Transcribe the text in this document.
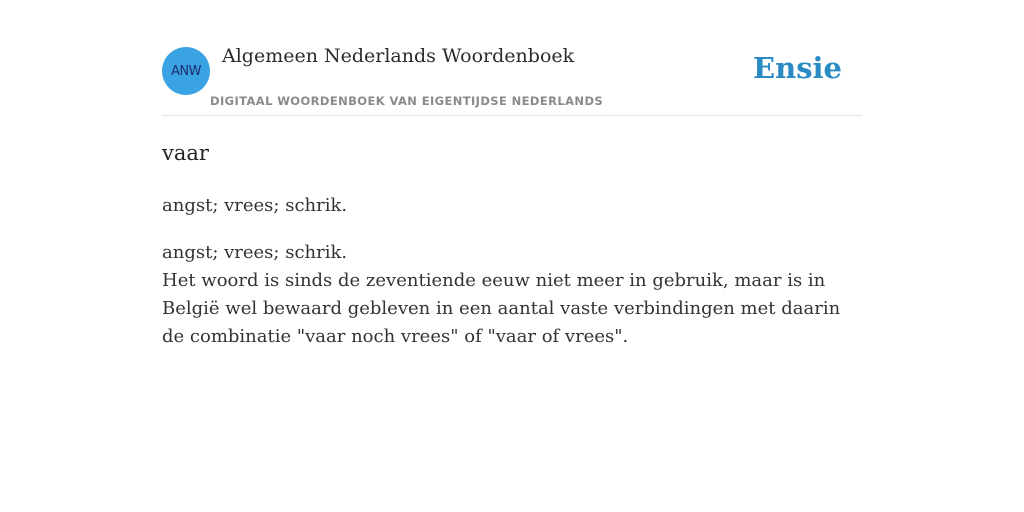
ANW
Algemeen Nederlands Woordenboek
DIGITAAL WOORDENBOEK VAN EIGENTIJDSE NEDERLANDS
Ensie
vaar
angst; vrees; schrik.
angst; vrees; schrik.
Het woord is sinds de zeventiende eeuw niet meer in gebruik, maar is in België wel bewaard gebleven in een aantal vaste verbindingen met daarin de combinatie "vaar noch vrees" of "vaar of vrees".
